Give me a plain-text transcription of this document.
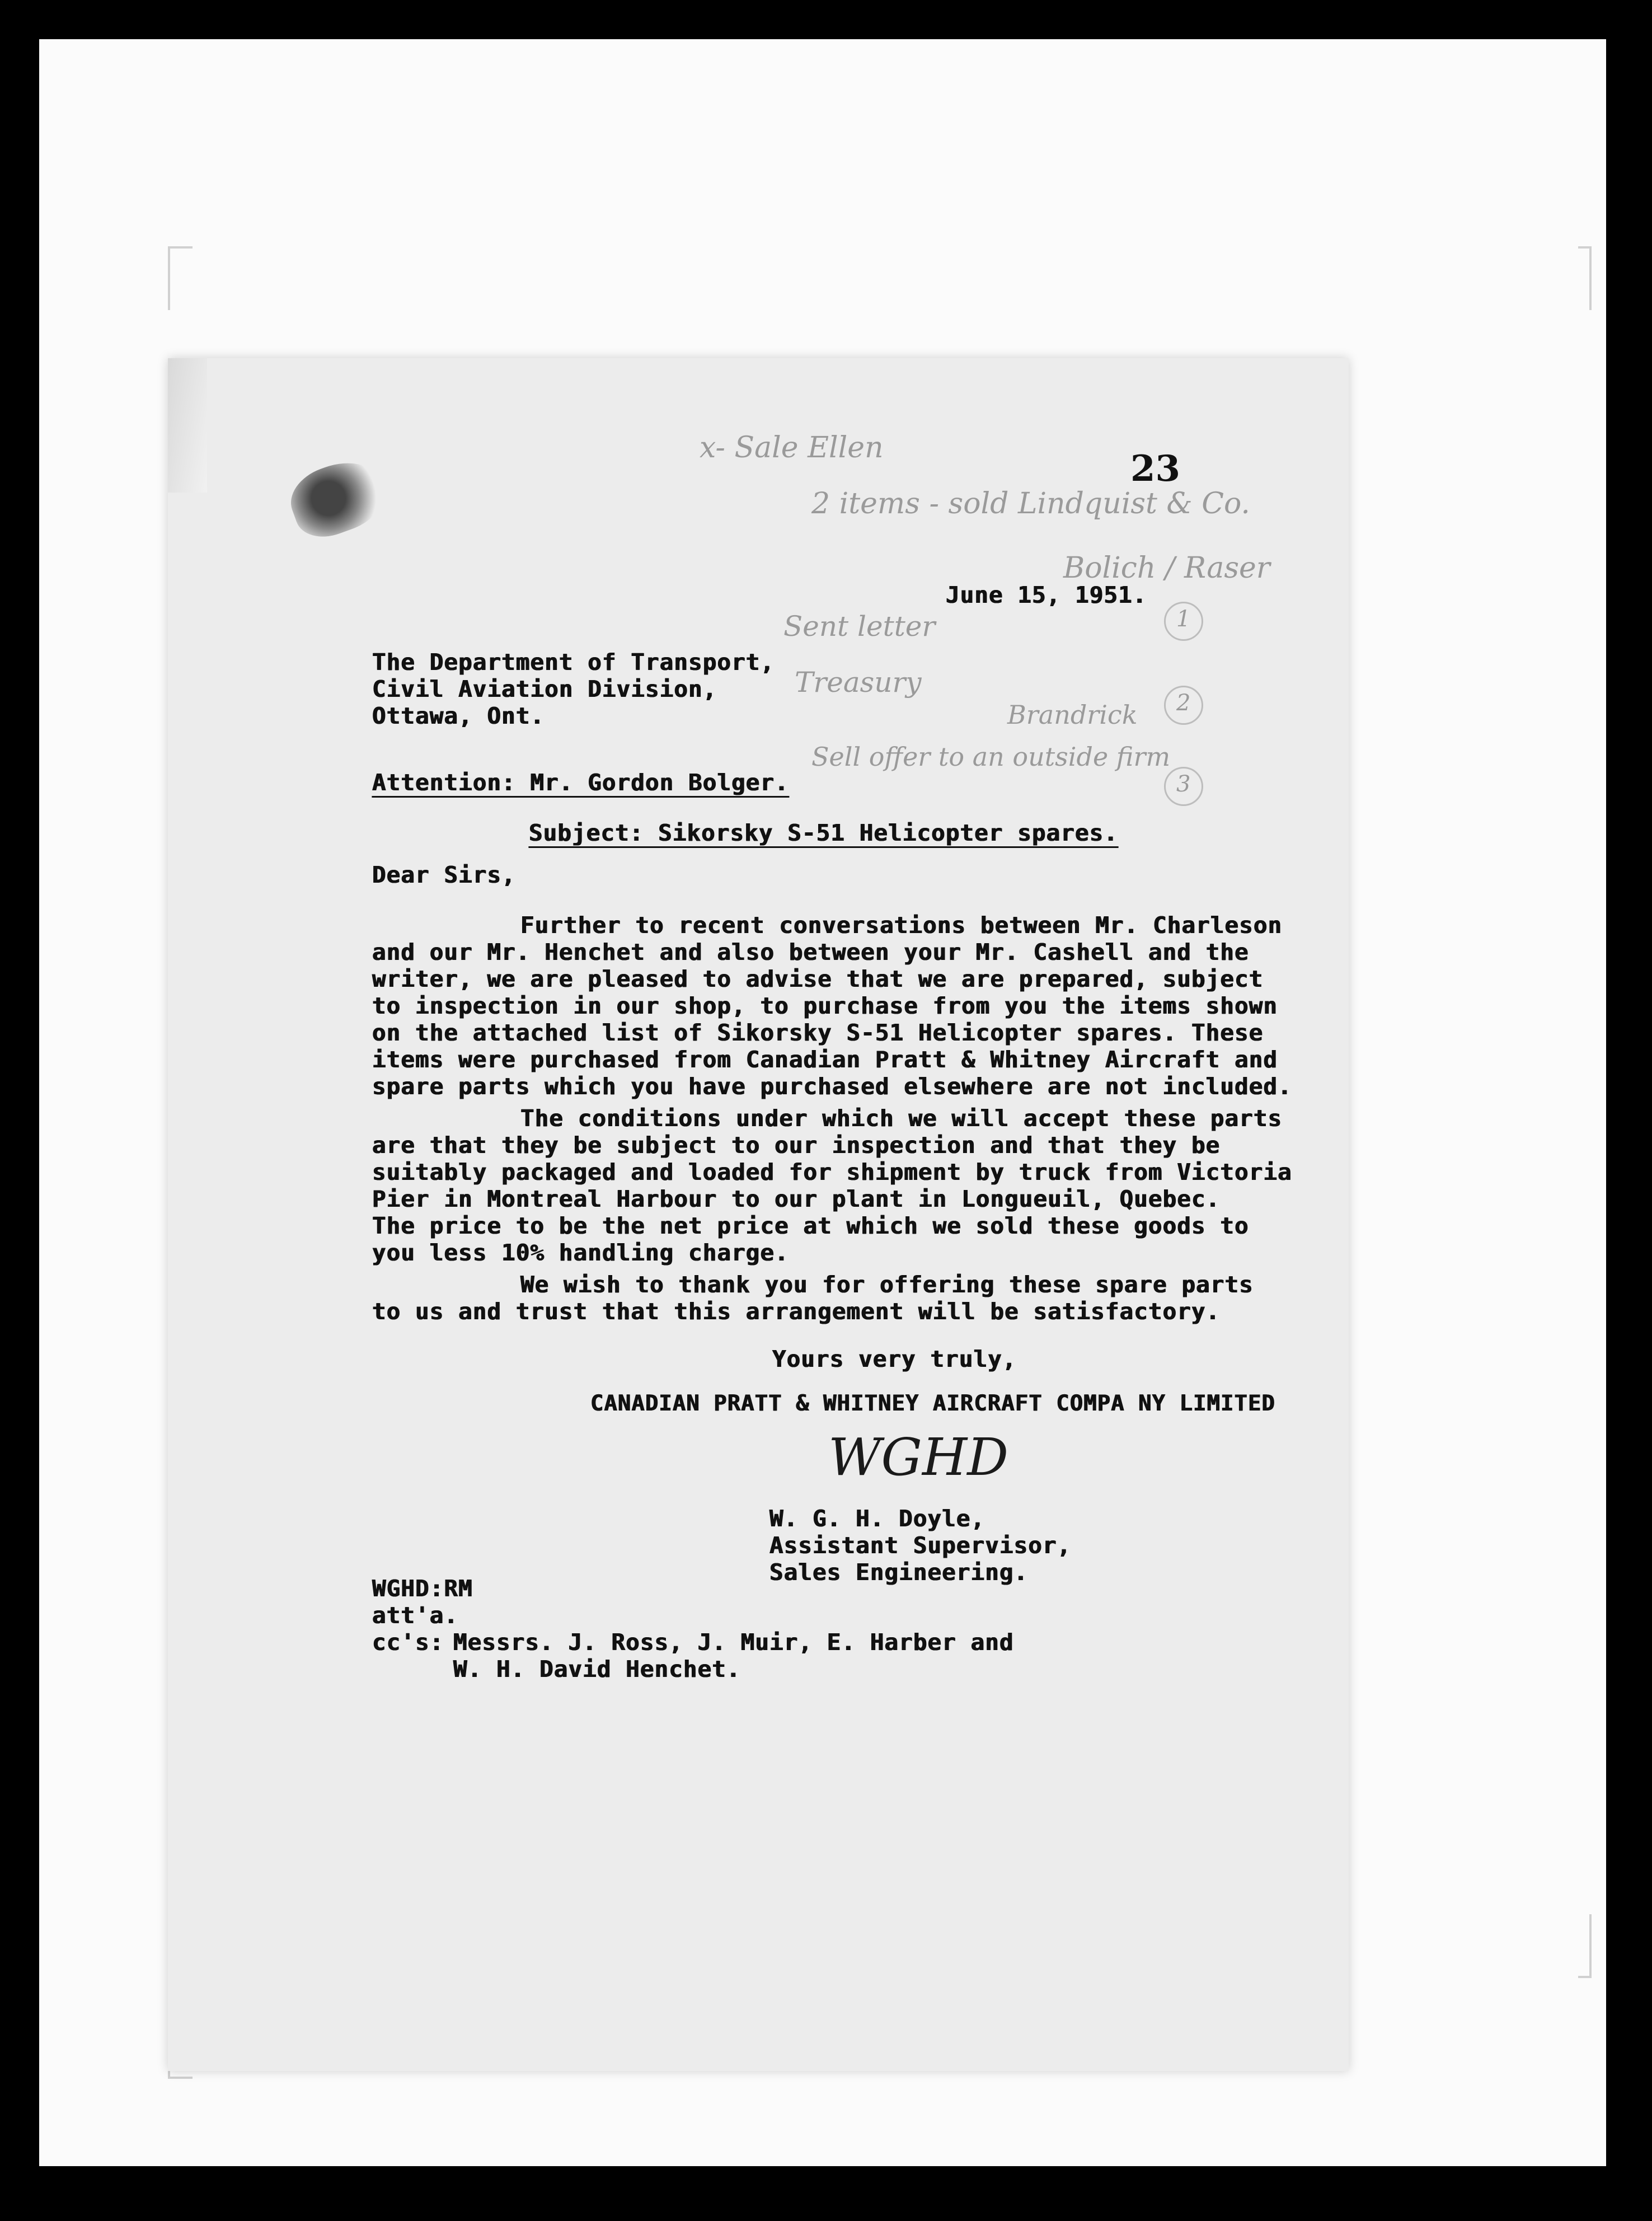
23
x- Sale Ellen
2 items - sold Lindquist & Co.
Bolich / Raser
Sent letter
Treasury
Brandrick
Sell offer to an outside firm
1
2
3
June 15, 1951.
The Department of Transport,
Civil Aviation Division,
Ottawa, Ont.
Attention: Mr. Gordon Bolger.
Subject: Sikorsky S-51 Helicopter spares.
Dear Sirs,
Further to recent conversations between Mr. Charleson
and our Mr. Henchet and also between your Mr. Cashell and the
writer, we are pleased to advise that we are prepared, subject
to inspection in our shop, to purchase from you the items shown
on the attached list of Sikorsky S-51 Helicopter spares. These
items were purchased from Canadian Pratt & Whitney Aircraft and
spare parts which you have purchased elsewhere are not included.
The conditions under which we will accept these parts
are that they be subject to our inspection and that they be
suitably packaged and loaded for shipment by truck from Victoria
Pier in Montreal Harbour to our plant in Longueuil, Quebec.
The price to be the net price at which we sold these goods to
you less 10% handling charge.
We wish to thank you for offering these spare parts
to us and trust that this arrangement will be satisfactory.
Yours very truly,
CANADIAN PRATT & WHITNEY AIRCRAFT COMPA NY LIMITED
WGHD
W. G. H. Doyle,
Assistant Supervisor,
Sales Engineering.
WGHD:RM
att'a.
cc's: Messrs. J. Ross, J. Muir, E. Harber and
W. H. David Henchet.
